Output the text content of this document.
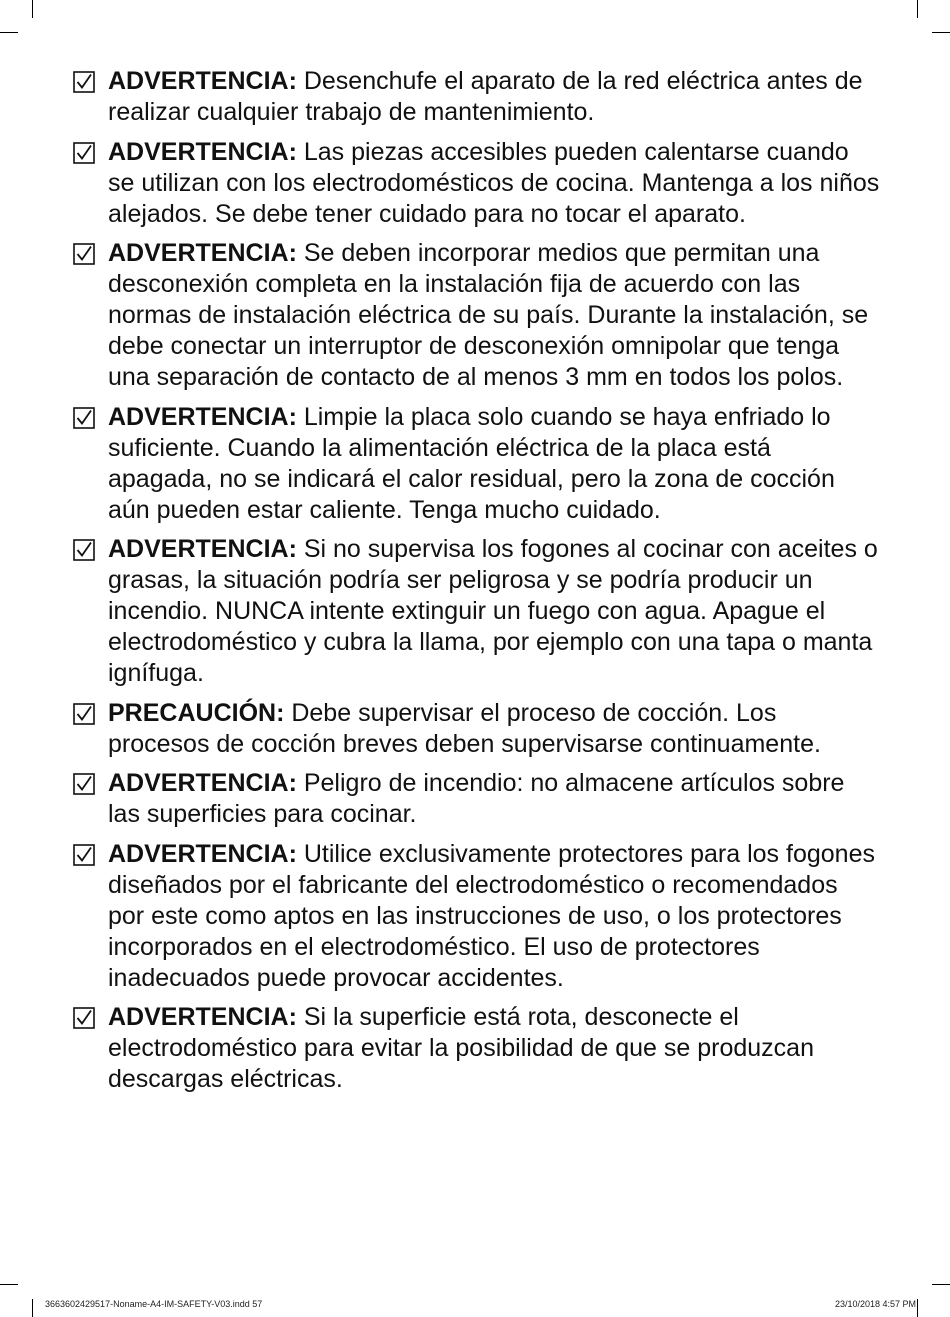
ADVERTENCIA: Desenchufe el aparato de la red eléctrica antes de realizar cualquier trabajo de mantenimiento.
ADVERTENCIA: Las piezas accesibles pueden calentarse cuando se utilizan con los electrodomésticos de cocina. Mantenga a los niños alejados. Se debe tener cuidado para no tocar el aparato.
ADVERTENCIA: Se deben incorporar medios que permitan una desconexión completa en la instalación fija de acuerdo con las normas de instalación eléctrica de su país. Durante la instalación, se debe conectar un interruptor de desconexión omnipolar que tenga una separación de contacto de al menos 3 mm en todos los polos.
ADVERTENCIA: Limpie la placa solo cuando se haya enfriado lo suficiente. Cuando la alimentación eléctrica de la placa está apagada, no se indicará el calor residual, pero la zona de cocción aún pueden estar caliente. Tenga mucho cuidado.
ADVERTENCIA: Si no supervisa los fogones al cocinar con aceites o grasas, la situación podría ser peligrosa y se podría producir un incendio. NUNCA intente extinguir un fuego con agua. Apague el electrodoméstico y cubra la llama, por ejemplo con una tapa o manta ignífuga.
PRECAUCIÓN: Debe supervisar el proceso de cocción. Los procesos de cocción breves deben supervisarse continuamente.
ADVERTENCIA: Peligro de incendio: no almacene artículos sobre las superficies para cocinar.
ADVERTENCIA: Utilice exclusivamente protectores para los fogones diseñados por el fabricante del electrodoméstico o recomendados por este como aptos en las instrucciones de uso, o los protectores incorporados en el electrodoméstico. El uso de protectores inadecuados puede provocar accidentes.
ADVERTENCIA: Si la superficie está rota, desconecte el electrodoméstico para evitar la posibilidad de que se produzcan descargas eléctricas.
3663602429517-Noname-A4-IM-SAFETY-V03.indd 57	23/10/2018 4:57 PM
